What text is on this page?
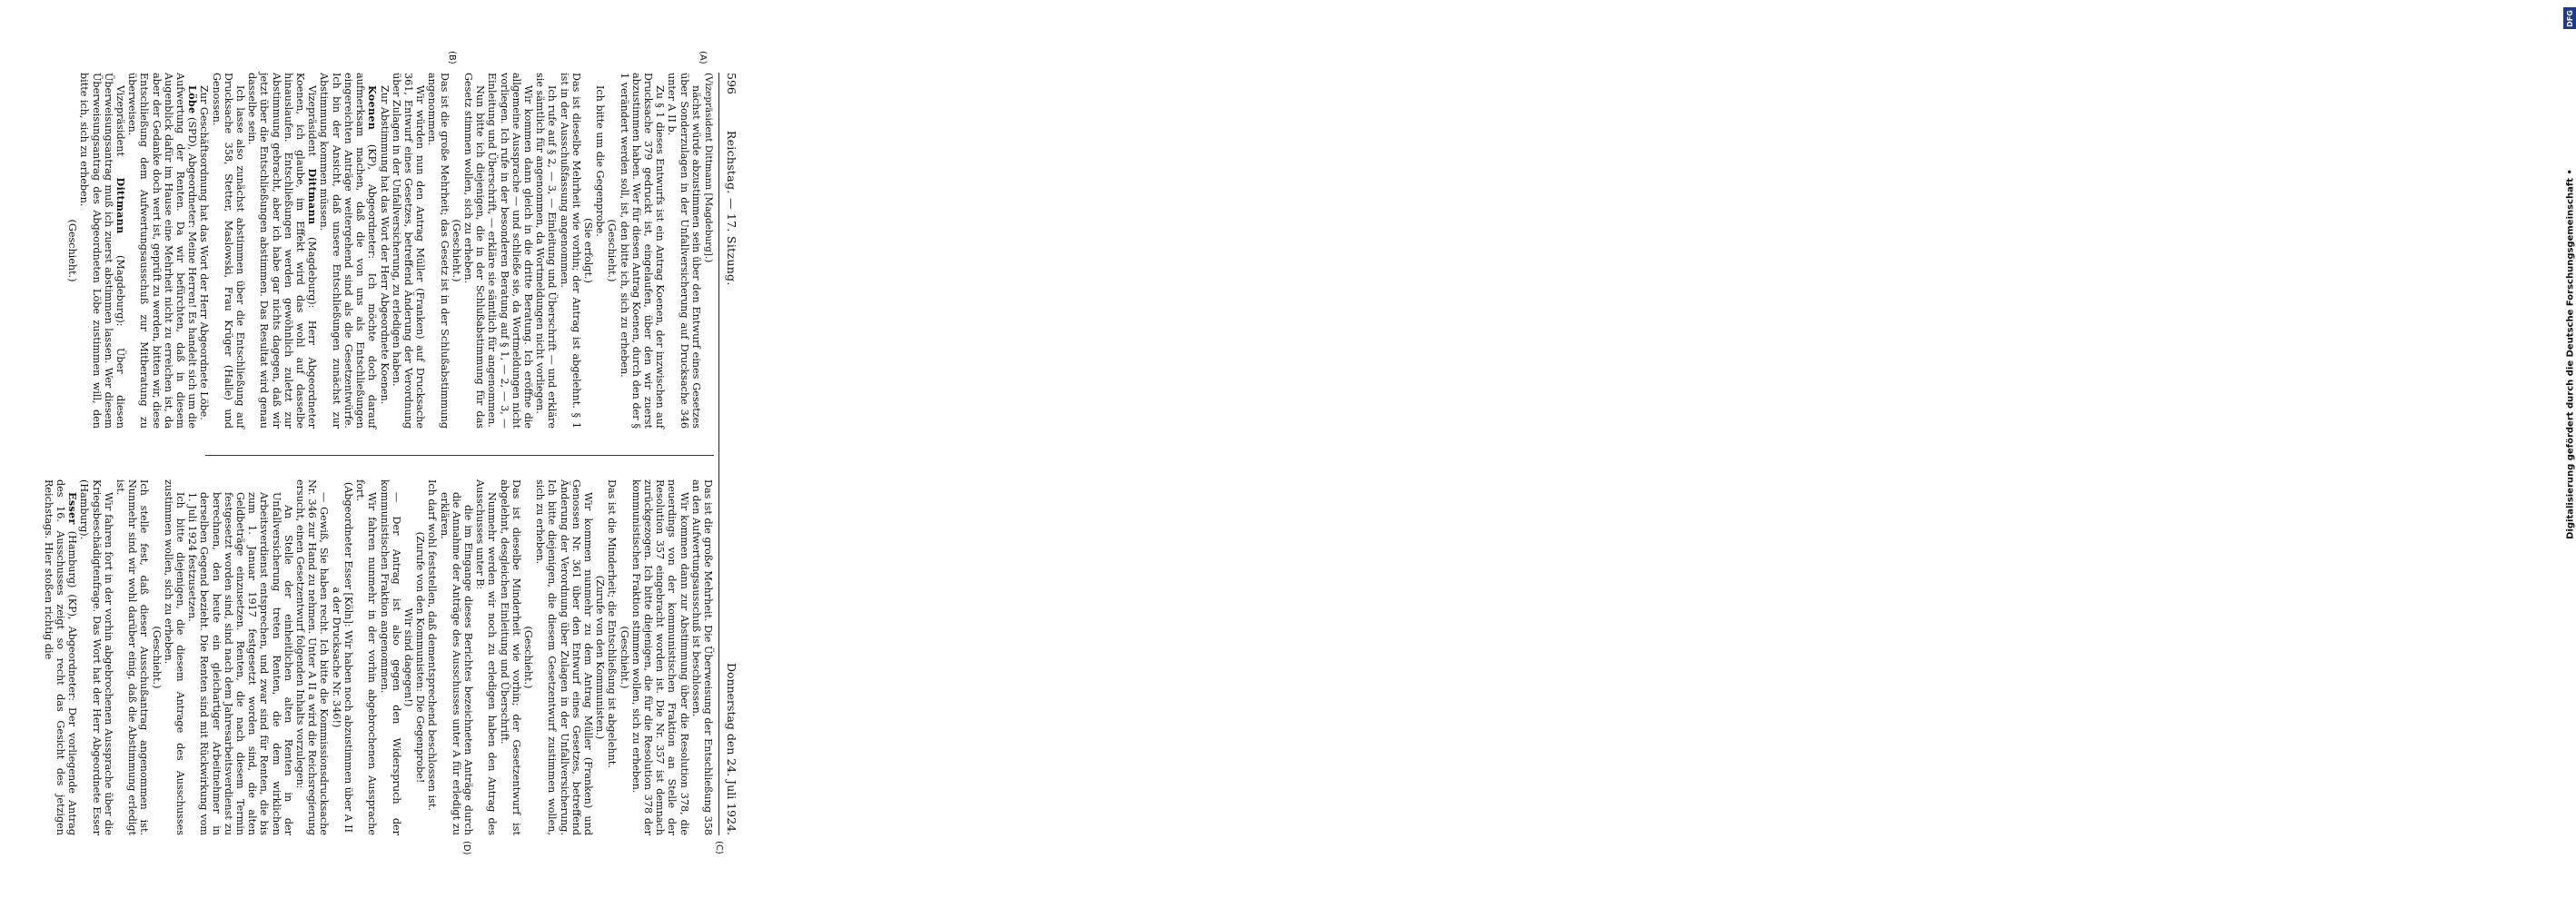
DFG
Digitalisierung gefördert durch die Deutsche Forschungsgemeinschaft •
596
Reichstag. — 17. Sitzung.
Donnerstag den 24. Juli 1924.
(A)
(B)
(C)
(D)

(Vizepräsident Dittmann [Magdeburg].)

nächst würde abzustimmen sein über den Entwurf eines Gesetzes über Sonderzulagen in der Unfallversicherung auf Drucksache 346 unter A II b.

Zu § 1 dieses Entwurfs ist ein Antrag Koenen, der inzwischen auf Drucksache 379 gedruckt ist, eingelaufen, über den wir zuerst abzustimmen haben. Wer für diesen Antrag Koenen, durch den der § 1 verändert werden soll, ist, den bitte ich, sich zu erheben.

(Geschieht.)

Ich bitte um die Gegenprobe.

(Sie erfolgt.)

Das ist dieselbe Mehrheit wie vorhin; der Antrag ist abgelehnt. § 1 ist in der Ausschußfassung angenommen.

Ich rufe auf § 2, — 3, — Einleitung und Überschrift — und erkläre sie sämtlich für angenommen, da Wortmeldungen nicht vorliegen.

Wir kommen dann gleich in die dritte Beratung. Ich eröffne die allgemeine Aussprache — und schließe sie, da Wortmeldungen nicht vorliegen. Ich rufe in der besonderen Beratung auf § 1, — 2, — 3, — Einleitung und Überschrift, — erkläre sie sämtlich für angenommen.

Nun bitte ich diejenigen, die in der Schlußabstimmung für das Gesetz stimmen wollen, sich zu erheben.

(Geschieht.)

Das ist die große Mehrheit; das Gesetz ist in der Schlußabstimmung angenommen.

Wir würden nun den Antrag Müller (Franken) auf Drucksache 361, Entwurf eines Gesetzes, betreffend Änderung der Verordnung über Zulagen in der Unfallversicherung, zu erledigen haben.

Zur Abstimmung hat das Wort der Herr Abgeordnete Koenen.

Koenen (KP), Abgeordneter: Ich möchte doch darauf aufmerksam machen, daß die von uns als Entschließungen eingereichten Anträge weitergehend sind als die Gesetzentwürfe. Ich bin der Ansicht, daß unsere Entschließungen zunächst zur Abstimmung kommen müssen.

Vizepräsident Dittmann (Magdeburg): Herr Abgeordneter Koenen, ich glaube, im Effekt wird das wohl auf dasselbe hinauslaufen. Entschließungen werden gewöhnlich zuletzt zur Abstimmung gebracht, aber ich habe gar nichts dagegen, daß wir jetzt über die Entschließungen abstimmen. Das Resultat wird genau dasselbe sein.

Ich lasse also zunächst abstimmen über die Entschließung auf Drucksache 358, Stetter, Maslowski, Frau Krüger (Halle) und Genossen.

Zur Geschäftsordnung hat das Wort der Herr Abgeordnete Löbe.

Löbe (SPD), Abgeordneter: Meine Herren! Es handelt sich um die Aufwertung der Renten. Da wir befürchten, daß in diesem Augenblick dafür im Hause eine Mehrheit nicht zu erreichen ist, da aber der Gedanke doch wert ist, geprüft zu werden, bitten wir, diese Entschließung dem Aufwertungsausschuß zur Mitberatung zu überweisen.

Vizepräsident Dittmann (Magdeburg): Über diesen Überweisungsantrag muß ich zuerst abstimmen lassen. Wer diesem Überweisungsantrag des Abgeordneten Löbe zustimmen will, den bitte ich, sich zu erheben.

(Geschieht.)

Das ist die große Mehrheit. Die Überweisung der Entschließung 358 an den Aufwertungsausschuß ist beschlossen.

Wir kommen dann zur Abstimmung über die Resolution 378, die neuerdings von der kommunistischen Fraktion an Stelle der Resolution 357 eingebracht worden ist. Die Nr. 357 ist demnach zurückgezogen. Ich bitte diejenigen, die für die Resolution 378 der kommunistischen Fraktion stimmen wollen, sich zu erheben.

(Geschieht.)

Das ist die Minderheit; die Entschließung ist abgelehnt.

(Zurufe von den Kommunisten.)

Wir kommen nunmehr zu dem Antrag Müller (Franken) und Genossen Nr. 361 über den Entwurf eines Gesetzes, betreffend Änderung der Verordnung über Zulagen in der Unfallversicherung. Ich bitte diejenigen, die diesem Gesetzentwurf zustimmen wollen, sich zu erheben.

(Geschieht.)

Das ist dieselbe Minderheit wie vorhin; der Gesetzentwurf ist abgelehnt, desgleichen Einleitung und Überschrift.

Nunmehr werden wir noch zu erledigen haben den Antrag des Ausschusses unter B:

die im Eingange dieses Berichtes bezeichneten Anträge durch die Annahme der Anträge des Ausschusses unter A für erledigt zu erklären.

Ich darf wohl feststellen, daß dementsprechend beschlossen ist.

(Zurufe von den Kommunisten: Die Gegenprobe!

Wir sind dagegen!)

— Der Antrag ist also gegen den Widerspruch der kommunistischen Fraktion angenommen.

Wir fahren nunmehr in der vorhin abgebrochenen Aussprache fort.

(Abgeordneter Esser [Köln]: Wir haben noch abzustimmen über A II a der Drucksache Nr. 346!)

— Gewiß, Sie haben recht. Ich bitte die Kommissionsdrucksache Nr. 346 zur Hand zu nehmen. Unter A II a wird die Reichsregierung ersucht, einen Gesetzentwurf folgenden Inhalts vorzulegen:

An Stelle der einheitlichen alten Renten in der Unfallversicherung treten Renten, die dem wirklichen Arbeitsverdienst entsprechen, und zwar sind für Renten, die bis zum 1. Januar 1917 festgesetzt worden sind, die alten Geldbeträge einzusetzen. Renten, die nach diesem Termin festgesetzt worden sind, sind nach dem Jahresarbeitsverdienst zu berechnen, den heute ein gleichartiger Arbeitnehmer in derselben Gegend bezieht. Die Renten sind mit Rückwirkung vom 1. Juli 1924 festzusetzen.

Ich bitte diejenigen, die diesem Antrage des Ausschusses zustimmen wollen, sich zu erheben.

(Geschieht.)

Ich stelle fest, daß dieser Ausschußantrag angenommen ist. Nunmehr sind wir wohl darüber einig, daß die Abstimmung erledigt ist.

Wir fahren fort in der vorhin abgebrochenen Aussprache über die Kriegsbeschädigtenfrage. Das Wort hat der Herr Abgeordnete Esser (Hamburg).

Esser (Hamburg) (KP), Abgeordneter: Der vorliegende Antrag des 16. Ausschusses zeigt so recht das Gesicht des jetzigen Reichstags. Hier stoßen richtig die
